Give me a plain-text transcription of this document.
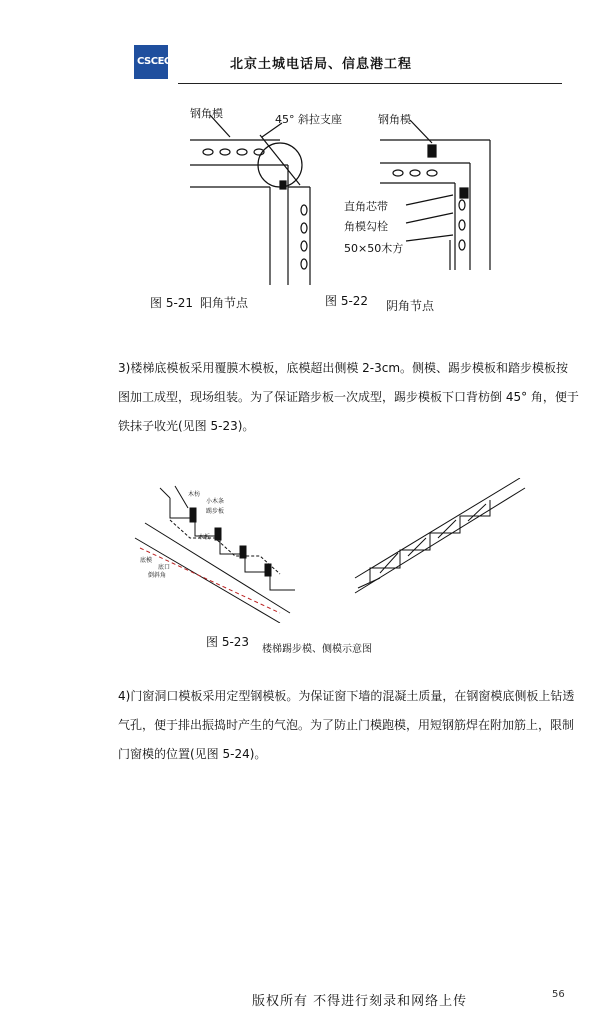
CSCEC	北京土城电话局、信息港工程
钢角模	45° 斜拉支座	钢角模
直角芯带
角模勾栓
50×50木方
图 5-21 阳角节点	图 5-22 阴角节点
3)楼梯底模板采用覆膜木模板，底模超出侧模 2-3cm。侧模、踢步模板和踏步模板按图加工成型，现场组装。为了保证踏步板一次成型，踢步模板下口背枋倒 45° 角，便于铁抹子收光(见图 5-23)。
木枋
小木条
踢步板
木板
底模
底口
倒斜角
图 5-23
楼梯踢步模、侧模示意图
4)门窗洞口模板采用定型钢模板。为保证窗下墙的混凝土质量，在钢窗模底侧板上钻透气孔，便于排出振捣时产生的气泡。为了防止门模跑模，用短钢筋焊在附加筋上，限制门窗模的位置(见图 5-24)。
版权所有 不得进行刻录和网络上传	56
